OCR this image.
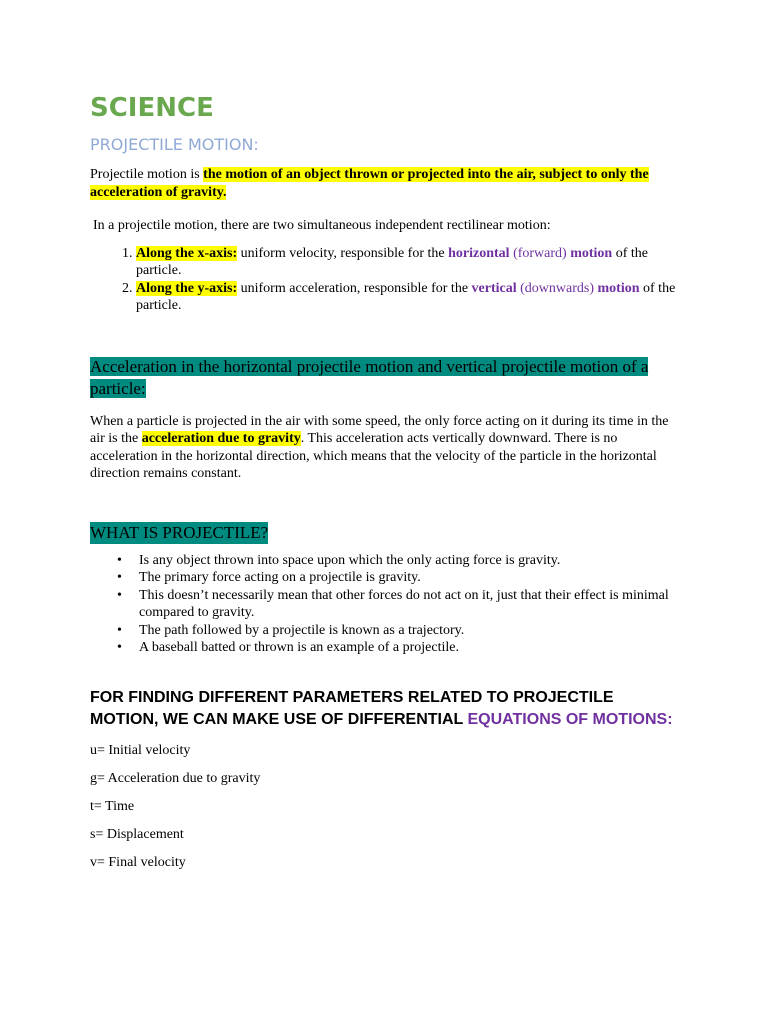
SCIENCE
PROJECTILE MOTION:

Projectile motion is the motion of an object thrown or projected into the air, subject to only the acceleration of gravity.

In a projectile motion, there are two simultaneous independent rectilinear motion:

1. Along the x-axis: uniform velocity, responsible for the horizontal (forward) motion of the particle.
2. Along the y-axis: uniform acceleration, responsible for the vertical (downwards) motion of the particle.
Acceleration in the horizontal projectile motion and vertical projectile motion of a particle:

When a particle is projected in the air with some speed, the only force acting on it during its time in the air is the acceleration due to gravity. This acceleration acts vertically downward. There is no acceleration in the horizontal direction, which means that the velocity of the particle in the horizontal direction remains constant.

WHAT IS PROJECTILE?
• Is any object thrown into space upon which the only acting force is gravity.
• The primary force acting on a projectile is gravity.
• This doesn’t necessarily mean that other forces do not act on it, just that their effect is minimal compared to gravity.
• The path followed by a projectile is known as a trajectory.
• A baseball batted or thrown is an example of a projectile.
FOR FINDING DIFFERENT PARAMETERS RELATED TO PROJECTILE MOTION, WE CAN MAKE USE OF DIFFERENTIAL EQUATIONS OF MOTIONS:

u= Initial velocity

g= Acceleration due to gravity

t= Time

s= Displacement

v= Final velocity
